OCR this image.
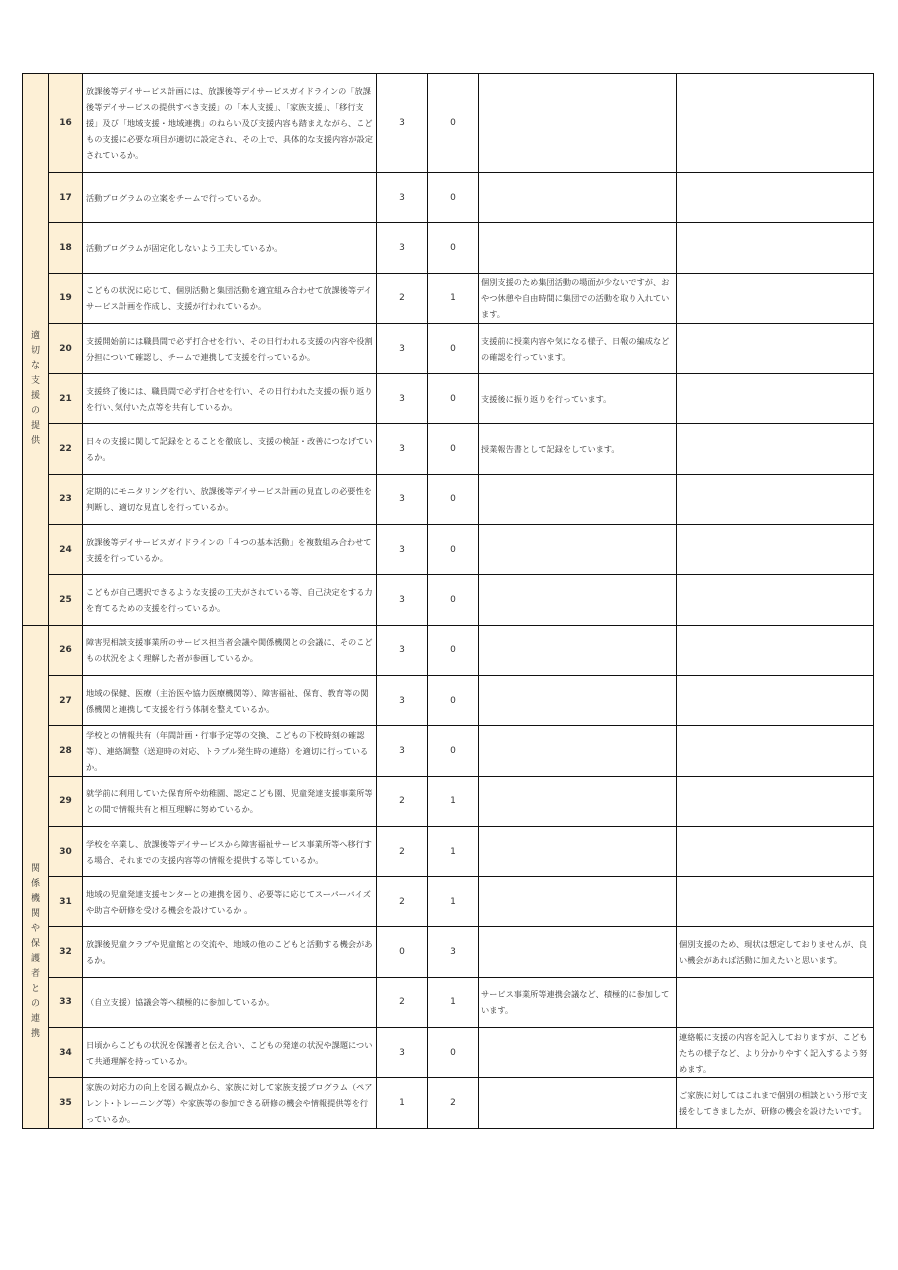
適切な支援の提供	16	放課後等デイサービス計画には、放課後等デイサービスガイドラインの「放課後等デイサービスの提供すべき支援」の「本人支援」、「家族支援」、「移行支援」及び「地域支援・地域連携」のねらい及び支援内容も踏まえながら、こどもの支援に必要な項目が適切に設定され、その上で、具体的な支援内容が設定されているか。	3	0		
	17	活動プログラムの立案をチームで行っているか。	3	0		
	18	活動プログラムが固定化しないよう工夫しているか。	3	0		
	19	こどもの状況に応じて、個別活動と集団活動を適宜組み合わせて放課後等デイサービス計画を作成し、支援が行われているか。	2	1	個別支援のため集団活動の場面が少ないですが、おやつ休憩や自由時間に集団での活動を取り入れています。	
	20	支援開始前には職員間で必ず打合せを行い、その日行われる支援の内容や役割分担について確認し、チームで連携して支援を行っているか。	3	0	支援前に授業内容や気になる様子、日報の編成などの確認を行っています。	
	21	支援終了後には、職員間で必ず打合せを行い、その日行われた支援の振り返りを行い､気付いた点等を共有しているか。	3	0	支援後に振り返りを行っています。	
	22	日々の支援に関して記録をとることを徹底し、支援の検証・改善につなげているか。	3	0	授業報告書として記録をしています。	
	23	定期的にモニタリングを行い、放課後等デイサービス計画の見直しの必要性を判断し、適切な見直しを行っているか。	3	0		
	24	放課後等デイサービスガイドラインの「４つの基本活動」を複数組み合わせて支援を行っているか。	3	0		
	25	こどもが自己選択できるような支援の工夫がされている等、自己決定をする力を育てるための支援を行っているか。	3	0		

関係機関や保護者との連携	26	障害児相談支援事業所のサービス担当者会議や関係機関との会議に、そのこどもの状況をよく理解した者が参画しているか。	3	0		
	27	地域の保健、医療（主治医や協力医療機関等）、障害福祉、保育、教育等の関係機関と連携して支援を行う体制を整えているか。	3	0		
	28	学校との情報共有（年間計画・行事予定等の交換、こどもの下校時刻の確認等）、連絡調整（送迎時の対応、トラブル発生時の連絡）を適切に行っているか。	3	0		
	29	就学前に利用していた保育所や幼稚園、認定こども園、児童発達支援事業所等との間で情報共有と相互理解に努めているか。	2	1		
	30	学校を卒業し、放課後等デイサービスから障害福祉サービス事業所等へ移行する場合、それまでの支援内容等の情報を提供する等しているか。	2	1		
	31	地域の児童発達支援センターとの連携を図り、必要等に応じてスーパーバイズや助言や研修を受ける機会を設けているか 。	2	1		
	32	放課後児童クラブや児童館との交流や、地域の他のこどもと活動する機会があるか。	0	3		個別支援のため、現状は想定しておりませんが、良い機会があれば活動に加えたいと思います。
	33	（自立支援）協議会等へ積極的に参加しているか。	2	1	サービス事業所等連携会議など、積極的に参加しています。	
	34	日頃からこどもの状況を保護者と伝え合い、こどもの発達の状況や課題について共通理解を持っているか。	3	0		連絡帳に支援の内容を記入しておりますが、こどもたちの様子など、より分かりやすく記入するよう努めます。
	35	家族の対応力の向上を図る観点から、家族に対して家族支援プログラム（ペアレント･トレーニング等）や家族等の参加できる研修の機会や情報提供等を行っているか。	1	2		ご家族に対してはこれまで個別の相談という形で支援をしてきましたが、研修の機会を設けたいです。
